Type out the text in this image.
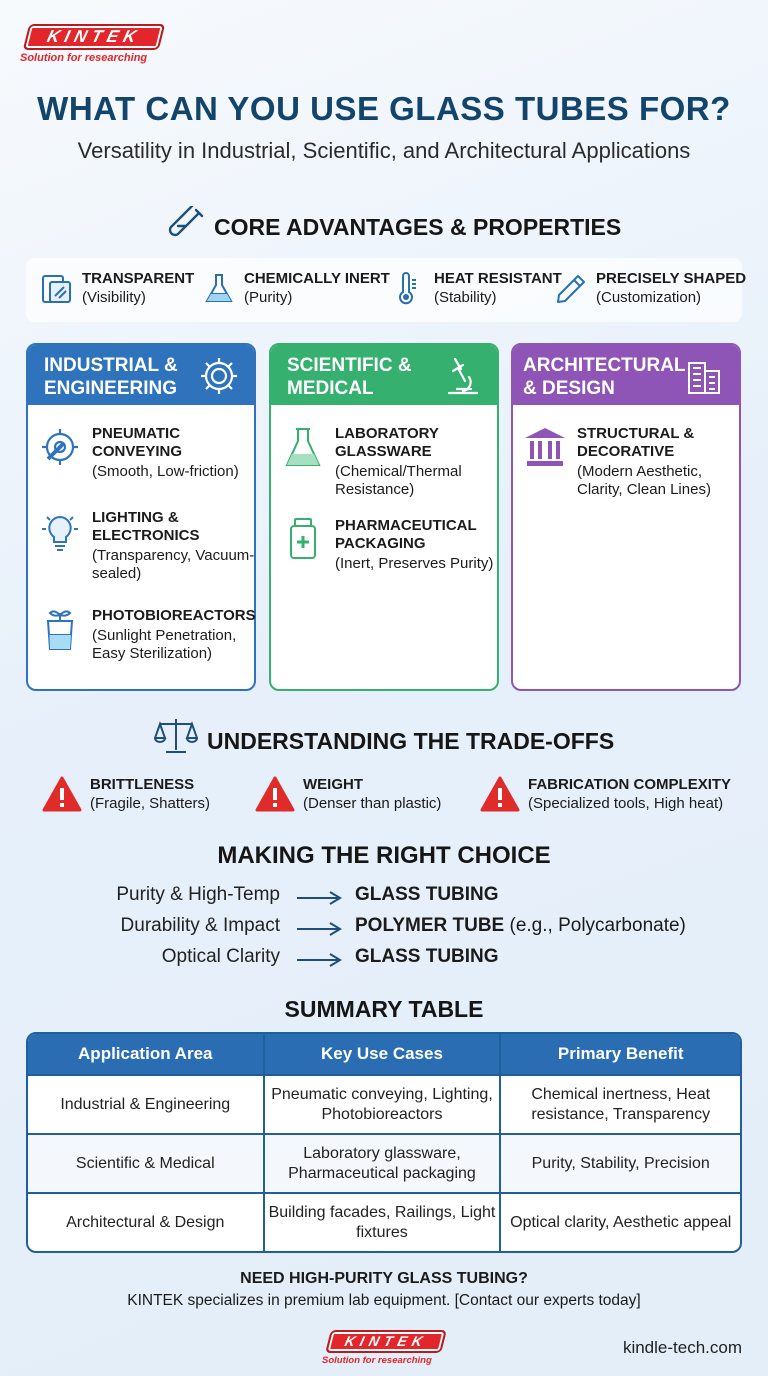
KINTEK
Solution for researching
WHAT CAN YOU USE GLASS TUBES FOR?
Versatility in Industrial, Scientific, and Architectural Applications
CORE ADVANTAGES & PROPERTIES
TRANSPARENT
(Visibility)
CHEMICALLY INERT
(Purity)
HEAT RESISTANT
(Stability)
PRECISELY SHAPED
(Customization)
INDUSTRIAL & ENGINEERING
PNEUMATIC CONVEYING
(Smooth, Low-friction)
LIGHTING & ELECTRONICS
(Transparency, Vacuum-sealed)
PHOTOBIOREACTORS
(Sunlight Penetration, Easy Sterilization)
SCIENTIFIC & MEDICAL
LABORATORY GLASSWARE
(Chemical/Thermal Resistance)
PHARMACEUTICAL PACKAGING
(Inert, Preserves Purity)
ARCHITECTURAL & DESIGN
STRUCTURAL & DECORATIVE
(Modern Aesthetic, Clarity, Clean Lines)
UNDERSTANDING THE TRADE-OFFS
BRITTLENESS
(Fragile, Shatters)
WEIGHT
(Denser than plastic)
FABRICATION COMPLEXITY
(Specialized tools, High heat)
MAKING THE RIGHT CHOICE
Purity & High-Temp	GLASS TUBING
Durability & Impact	POLYMER TUBE (e.g., Polycarbonate)
Optical Clarity	GLASS TUBING
SUMMARY TABLE
Application Area	Key Use Cases	Primary Benefit
Industrial & Engineering	Pneumatic conveying, Lighting, Photobioreactors	Chemical inertness, Heat resistance, Transparency
Scientific & Medical	Laboratory glassware, Pharmaceutical packaging	Purity, Stability, Precision
Architectural & Design	Building facades, Railings, Light fixtures	Optical clarity, Aesthetic appeal
NEED HIGH-PURITY GLASS TUBING?
KINTEK specializes in premium lab equipment. [Contact our experts today]
KINTEK
Solution for researching
kindle-tech.com
